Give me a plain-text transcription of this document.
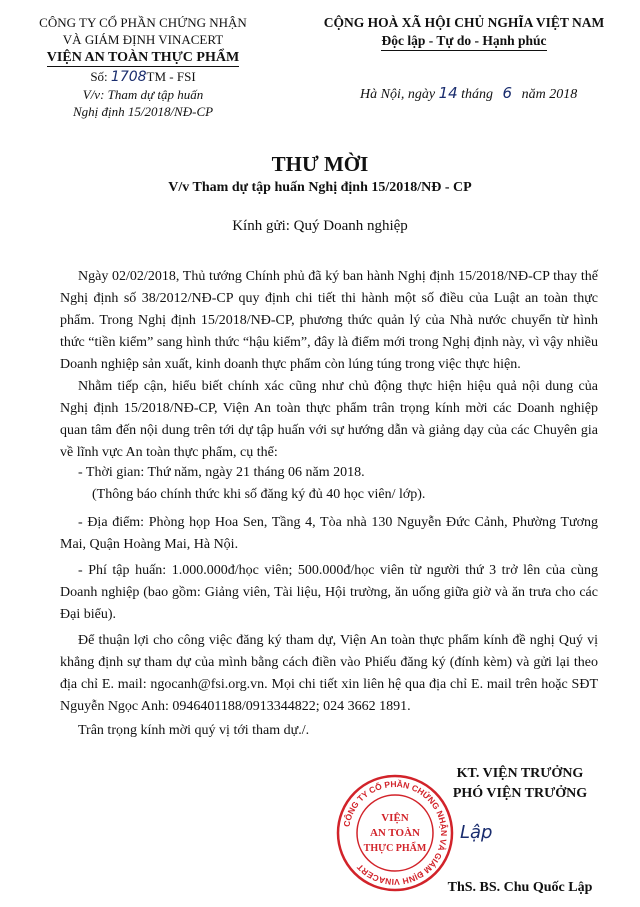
CÔNG TY CỔ PHẦN CHỨNG NHẬN
VÀ GIÁM ĐỊNH VINACERT
VIỆN AN TOÀN THỰC PHẨM
Số: 1708TM - FSI
V/v: Tham dự tập huấn
Nghị định 15/2018/NĐ-CP
CỘNG HOÀ XÃ HỘI CHỦ NGHĨA VIỆT NAM
Độc lập - Tự do - Hạnh phúc
Hà Nội, ngày 14 tháng 6 năm 2018
THƯ MỜI
V/v Tham dự tập huấn Nghị định 15/2018/NĐ - CP
Kính gửi: Quý Doanh nghiệp
Ngày 02/02/2018, Thủ tướng Chính phủ đã ký ban hành Nghị định 15/2018/NĐ-CP thay thế Nghị định số 38/2012/NĐ-CP quy định chi tiết thi hành một số điều của Luật an toàn thực phẩm. Trong Nghị định 15/2018/NĐ-CP, phương thức quản lý của Nhà nước chuyển từ hình thức “tiền kiểm” sang hình thức “hậu kiểm”, đây là điểm mới trong Nghị định này, vì vậy nhiều Doanh nghiệp sản xuất, kinh doanh thực phẩm còn lúng túng trong việc thực hiện.
Nhằm tiếp cận, hiểu biết chính xác cũng như chủ động thực hiện hiệu quả nội dung của Nghị định 15/2018/NĐ-CP, Viện An toàn thực phẩm trân trọng kính mời các Doanh nghiệp quan tâm đến nội dung trên tới dự tập huấn với sự hướng dẫn và giảng dạy của các Chuyên gia về lĩnh vực An toàn thực phẩm, cụ thể:
- Thời gian: Thứ năm, ngày 21 tháng 06 năm 2018.
(Thông báo chính thức khi số đăng ký đủ 40 học viên/ lớp).
- Địa điểm: Phòng họp Hoa Sen, Tầng 4, Tòa nhà 130 Nguyễn Đức Cảnh, Phường Tương Mai, Quận Hoàng Mai, Hà Nội.
- Phí tập huấn: 1.000.000đ/học viên; 500.000đ/học viên từ người thứ 3 trở lên của cùng Doanh nghiệp (bao gồm: Giảng viên, Tài liệu, Hội trường, ăn uống giữa giờ và ăn trưa cho các Đại biểu).
Để thuận lợi cho công việc đăng ký tham dự, Viện An toàn thực phẩm kính đề nghị Quý vị khẳng định sự tham dự của mình bằng cách điền vào Phiếu đăng ký (đính kèm) và gửi lại theo địa chỉ E. mail: ngocanh@fsi.org.vn. Mọi chi tiết xin liên hệ qua địa chỉ E. mail trên hoặc SĐT Nguyễn Ngọc Anh: 0946401188/0913344822; 024 3662 1891.
Trân trọng kính mời quý vị tới tham dự./.
KT. VIỆN TRƯỞNG
PHÓ VIỆN TRƯỞNG
Lập
ThS. BS. Chu Quốc Lập
CÔNG TY CỔ PHẦN CHỨNG NHẬN VÀ GIÁM ĐỊNH VINACERT
VIỆN
AN TOÀN
THỰC PHẨM
